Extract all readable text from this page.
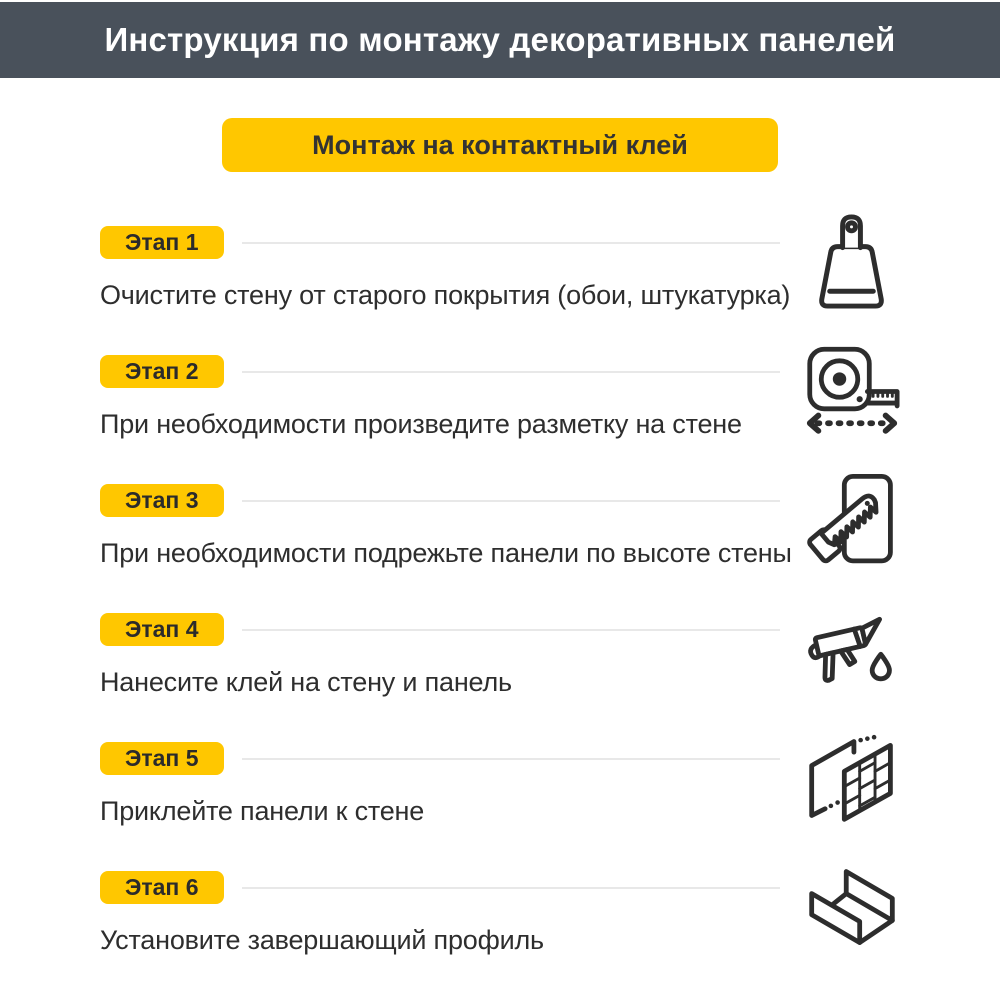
Инструкция по монтажу декоративных панелей
Монтаж на контактный клей
Этап 1

Очистите стену от старого покрытия (обои, штукатурка)

Этап 2

При необходимости произведите разметку на стене

Этап 3

При необходимости подрежьте панели по высоте стены

Этап 4

Нанесите клей на стену и панель

Этап 5

Приклейте панели к стене

Этап 6

Установите завершающий профиль
